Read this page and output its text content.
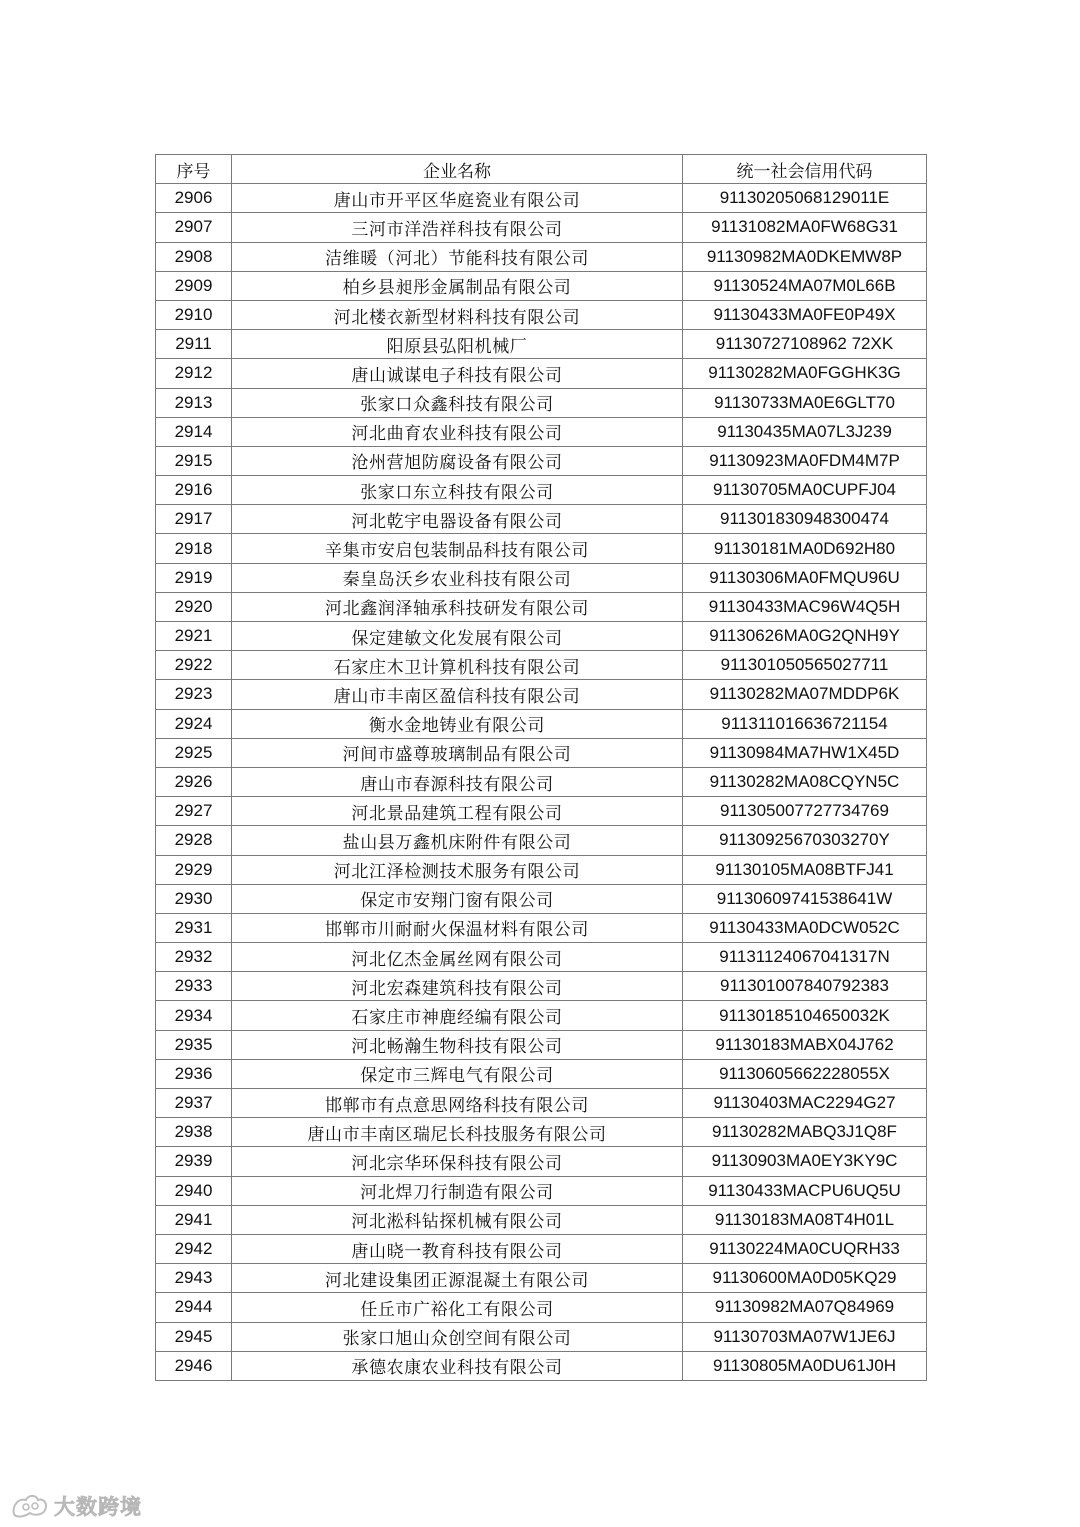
序号	企业名称	统一社会信用代码
2906	唐山市开平区华庭瓷业有限公司	91130205068129011E
2907	三河市洋浩祥科技有限公司	91131082MA0FW68G31
2908	洁维暖（河北）节能科技有限公司	91130982MA0DKEMW8P
2909	柏乡县昶彤金属制品有限公司	91130524MA07M0L66B
2910	河北楼衣新型材料科技有限公司	91130433MA0FE0P49X
2911	阳原县弘阳机械厂	91130727108962 72XK
2912	唐山诚谋电子科技有限公司	91130282MA0FGGHK3G
2913	张家口众鑫科技有限公司	91130733MA0E6GLT70
2914	河北曲育农业科技有限公司	91130435MA07L3J239
2915	沧州营旭防腐设备有限公司	91130923MA0FDM4M7P
2916	张家口东立科技有限公司	91130705MA0CUPFJ04
2917	河北乾宇电器设备有限公司	911301830948300474
2918	辛集市安启包装制品科技有限公司	91130181MA0D692H80
2919	秦皇岛沃乡农业科技有限公司	91130306MA0FMQU96U
2920	河北鑫润泽轴承科技研发有限公司	91130433MAC96W4Q5H
2921	保定建敏文化发展有限公司	91130626MA0G2QNH9Y
2922	石家庄木卫计算机科技有限公司	911301050565027711
2923	唐山市丰南区盈信科技有限公司	91130282MA07MDDP6K
2924	衡水金地铸业有限公司	911311016636721154
2925	河间市盛尊玻璃制品有限公司	91130984MA7HW1X45D
2926	唐山市春源科技有限公司	91130282MA08CQYN5C
2927	河北景品建筑工程有限公司	911305007727734769
2928	盐山县万鑫机床附件有限公司	91130925670303270Y
2929	河北江泽检测技术服务有限公司	91130105MA08BTFJ41
2930	保定市安翔门窗有限公司	91130609741538641W
2931	邯郸市川耐耐火保温材料有限公司	91130433MA0DCW052C
2932	河北亿杰金属丝网有限公司	91131124067041317N
2933	河北宏森建筑科技有限公司	911301007840792383
2934	石家庄市神鹿经编有限公司	91130185104650032K
2935	河北畅瀚生物科技有限公司	91130183MABX04J762
2936	保定市三辉电气有限公司	91130605662228055X
2937	邯郸市有点意思网络科技有限公司	91130403MAC2294G27
2938	唐山市丰南区瑞尼长科技服务有限公司	91130282MABQ3J1Q8F
2939	河北宗华环保科技有限公司	91130903MA0EY3KY9C
2940	河北焊刀行制造有限公司	91130433MACPU6UQ5U
2941	河北淞科钻探机械有限公司	91130183MA08T4H01L
2942	唐山晓一教育科技有限公司	91130224MA0CUQRH33
2943	河北建设集团正源混凝土有限公司	91130600MA0D05KQ29
2944	任丘市广裕化工有限公司	91130982MA07Q84969
2945	张家口旭山众创空间有限公司	91130703MA07W1JE6J
2946	承德农康农业科技有限公司	91130805MA0DU61J0H
大数跨境
